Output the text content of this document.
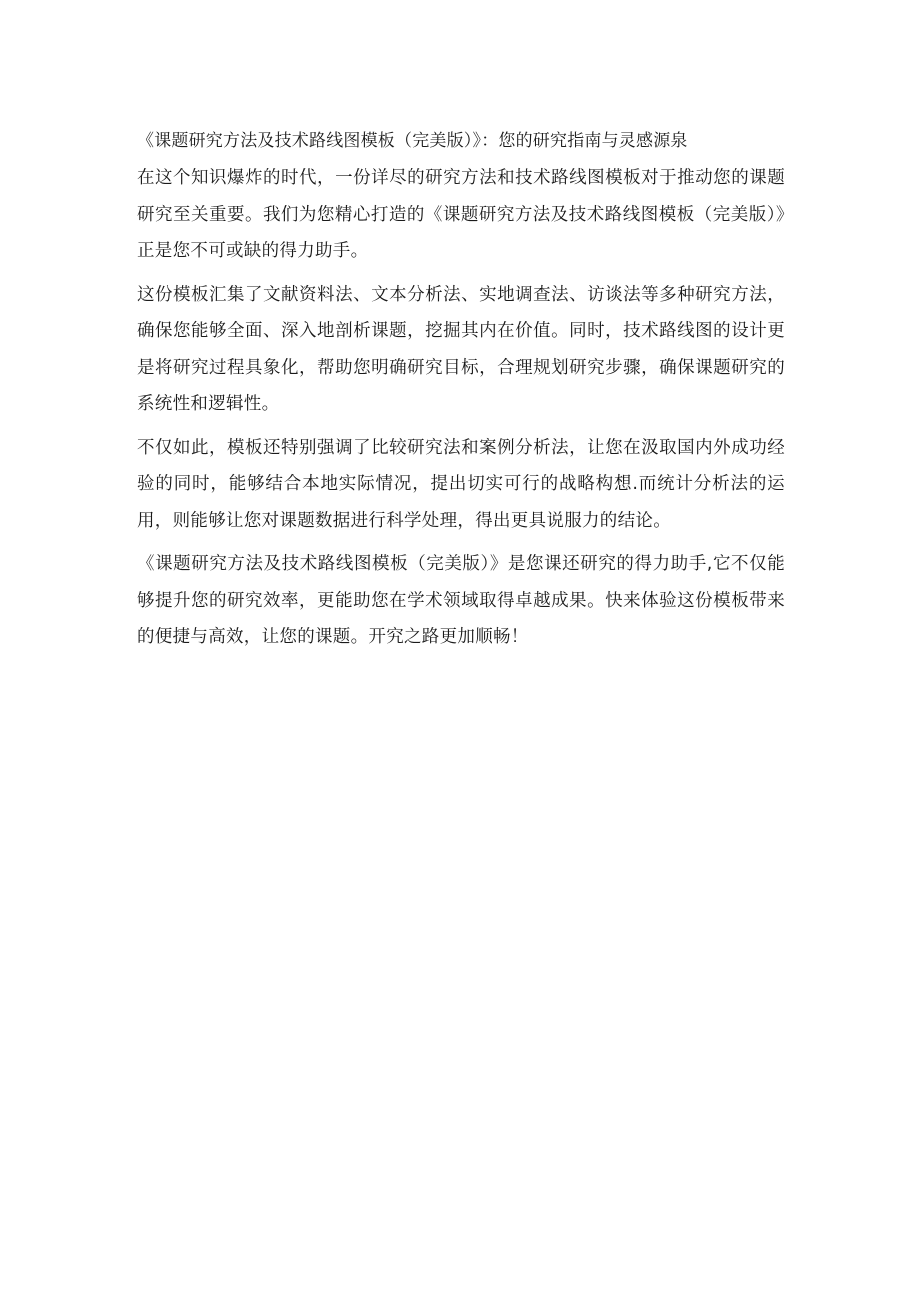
《课题研究方法及技术路线图模板（完美版）》：您的研究指南与灵感源泉

在这个知识爆炸的时代，一份详尽的研究方法和技术路线图模板对于推动您的课题研究至关重要。我们为您精心打造的《课题研究方法及技术路线图模板（完美版）》正是您不可或缺的得力助手。

这份模板汇集了文献资料法、文本分析法、实地调查法、访谈法等多种研究方法，确保您能够全面、深入地剖析课题，挖掘其内在价值。同时，技术路线图的设计更是将研究过程具象化，帮助您明确研究目标，合理规划研究步骤，确保课题研究的系统性和逻辑性。

不仅如此，模板还特别强调了比较研究法和案例分析法，让您在汲取国内外成功经验的同时，能够结合本地实际情况，提出切实可行的战略构想.而统计分析法的运用，则能够让您对课题数据进行科学处理，得出更具说服力的结论。

《课题研究方法及技术路线图模板（完美版）》是您课还研究的得力助手,它不仅能够提升您的研究效率，更能助您在学术领域取得卓越成果。快来体验这份模板带来的便捷与高效，让您的课题。开究之路更加顺畅！
